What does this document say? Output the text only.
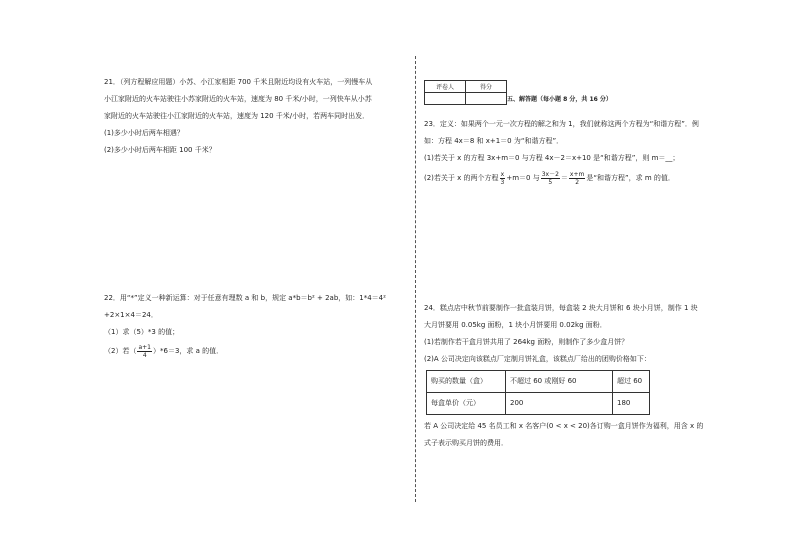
21．（列方程解应用题）小苏、小江家相距 700 千米且附近均设有火车站，一列慢车从
小江家附近的火车站驶往小苏家附近的火车站，速度为 80 千米/小时，一列快车从小苏
家附近的火车站驶往小江家附近的火车站，速度为 120 千米/小时，若两车同时出发．
(1)多少小时后两车相遇？
(2)多少小时后两车相距 100 千米？
22．用“*”定义一种新运算：对于任意有理数 a 和 b，规定 a*b＝b² + 2ab，如：1*4＝4²
+2×1×4＝24．
（1）求（5）*3 的值；
（2）若（ $\frac{a+1}{4} )*6=3$，求 a 的值．
评卷人	得分

五、解答题（每小题 8 分，共 16 分）
23．定义：如果两个一元一次方程的解之和为 1，我们就称这两个方程为“和谐方程”．例
如：方程 4x＝8 和 x+1＝0 为“和谐方程”．
(1)若关于 x 的方程 3x+m＝0 与方程 4x－2＝x+10 是“和谐方程”，则 m＝__；
(2)若关于 x 的两个方程 $\frac{x}{3} +m=0$ 与 $\frac{3x-2}{5} = \frac{x+m}{2}$ 是“和谐方程”，求 m 的值．
24．糕点店中秋节前要制作一批盒装月饼，每盒装 2 块大月饼和 6 块小月饼，制作 1 块
大月饼要用 0.05kg 面粉，1 块小月饼要用 0.02kg 面粉．
(1)若制作若干盒月饼共用了 264kg 面粉，则制作了多少盒月饼？
(2)A 公司决定向该糕点厂定制月饼礼盒，该糕点厂给出的团购价格如下：
购买的数量（盒）	不超过 60 或刚好 60	超过 60
每盒单价（元）	200	180
若 A 公司决定给 45 名员工和 x 名客户(0 < x < 20)各订购一盒月饼作为福利，用含 x 的
式子表示购买月饼的费用．
